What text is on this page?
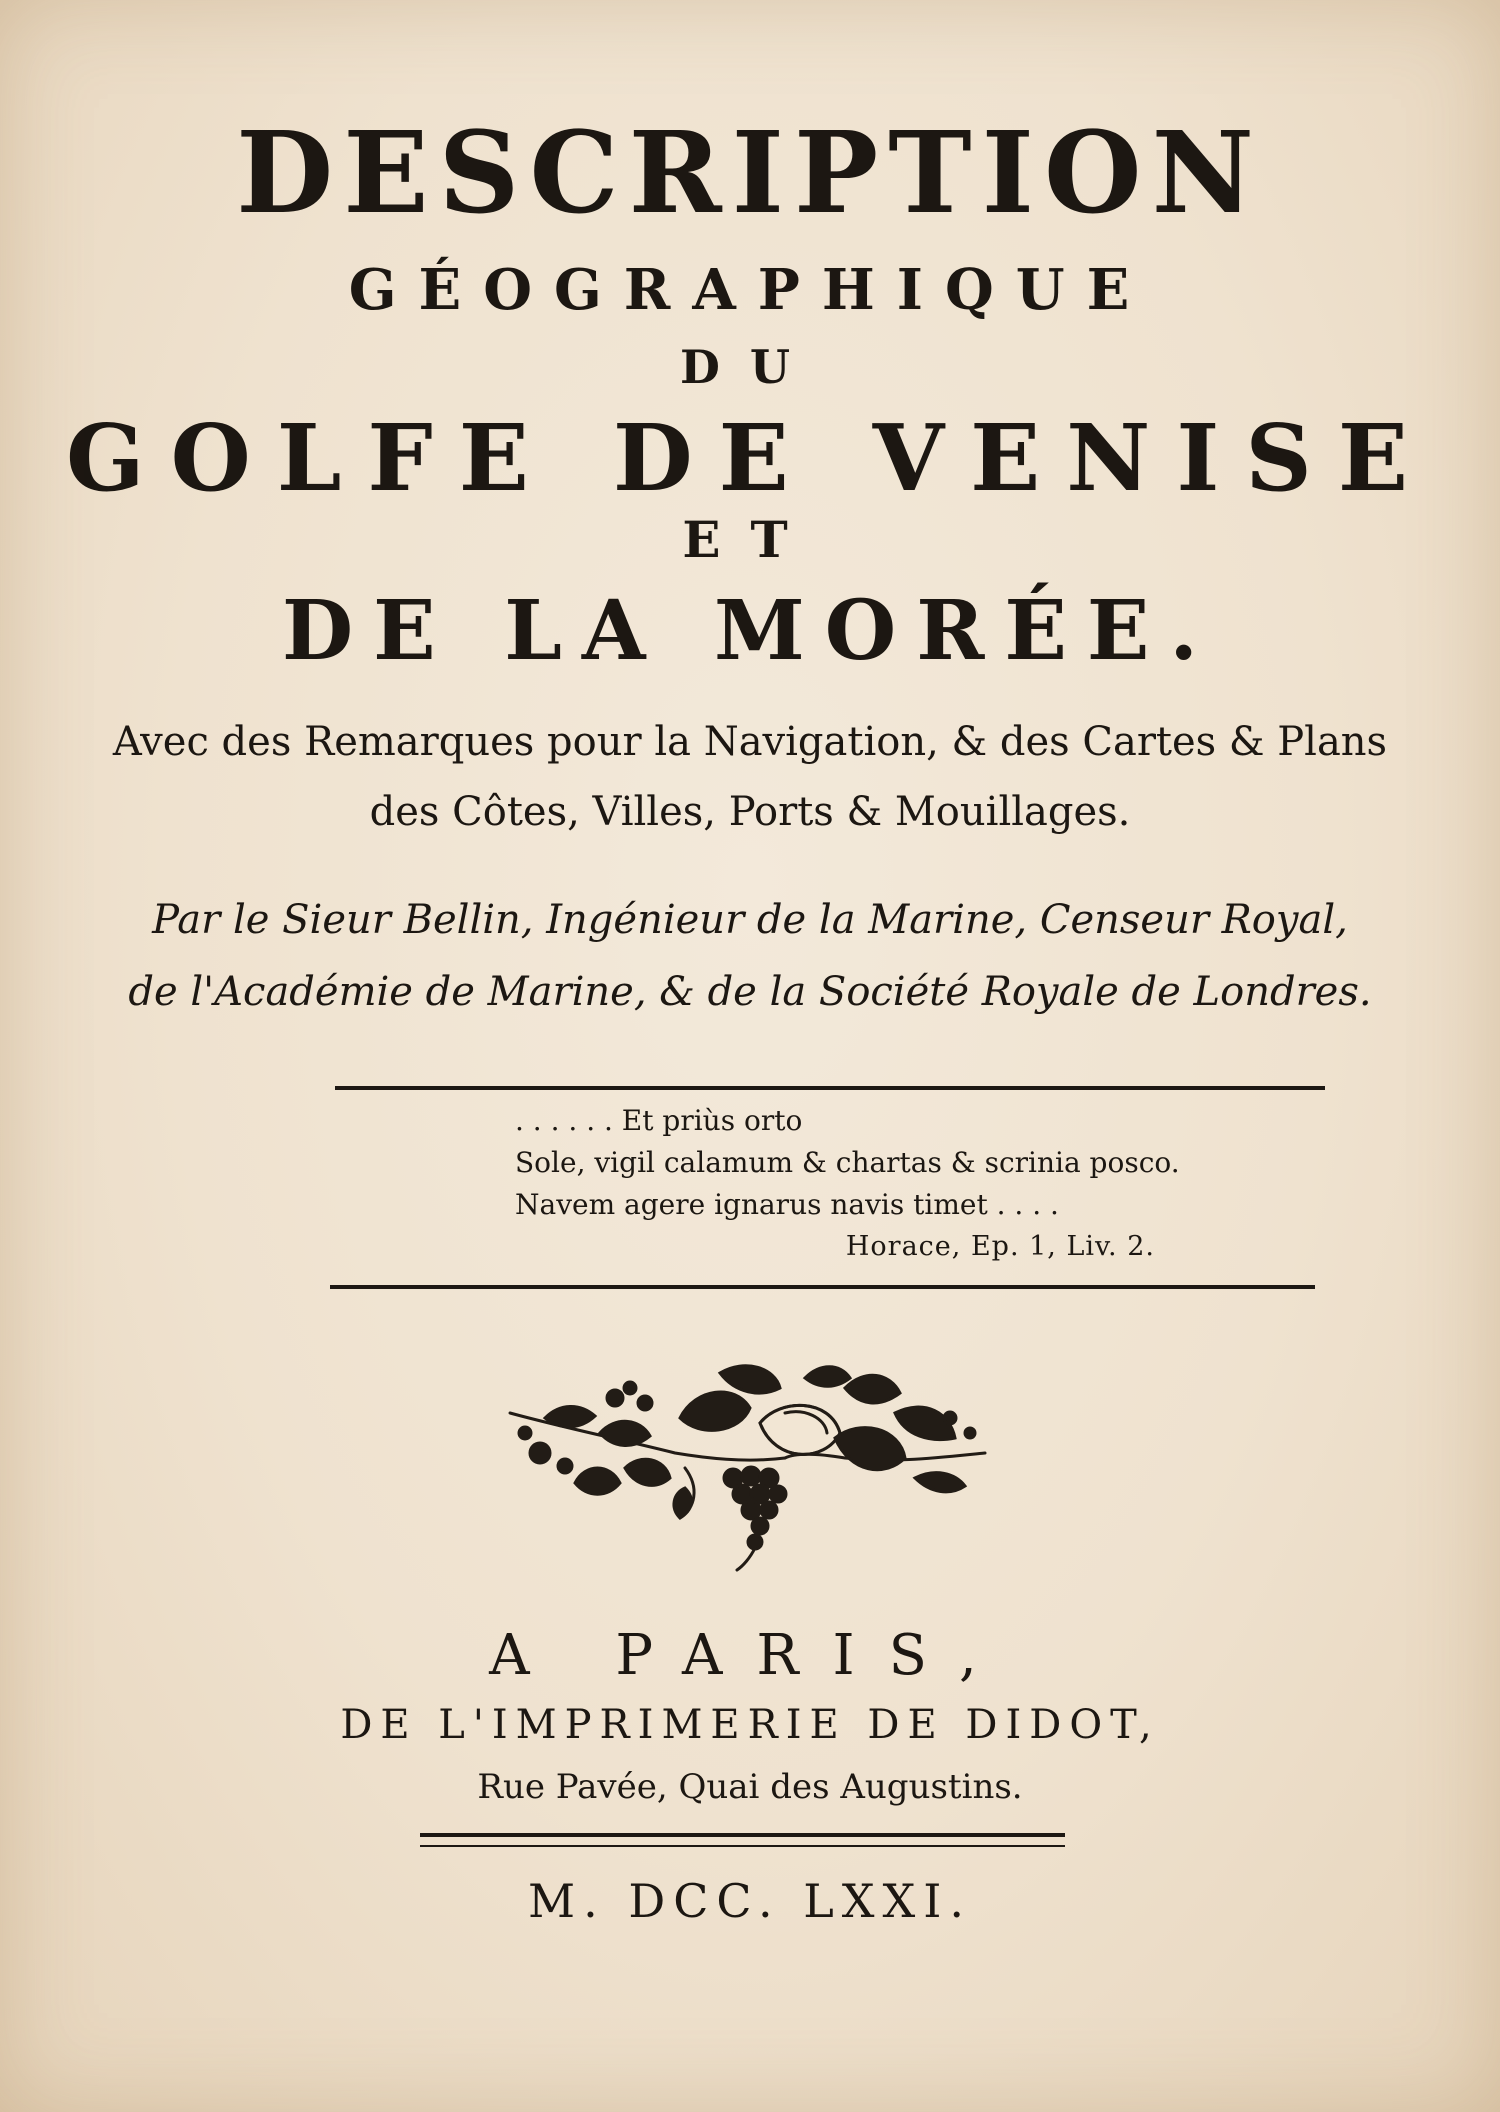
DESCRIPTION
GÉOGRAPHIQUE
DU
GOLFE DE VENISE
ET
DE LA MORÉE.
Avec des Remarques pour la Navigation, & des Cartes & Plans
des Côtes, Villes, Ports & Mouillages.
Par le Sieur Bellin, Ingénieur de la Marine, Censeur Royal,
de l'Académie de Marine, & de la Société Royale de Londres.
. . . . . . Et priùs orto
Sole, vigil calamum & chartas & scrinia posco.
Navem agere ignarus navis timet . . . .
Horace, Ep. 1, Liv. 2.
A PARIS,
DE L'IMPRIMERIE DE DIDOT,
Rue Pavée, Quai des Augustins.
M. DCC. LXXI.
